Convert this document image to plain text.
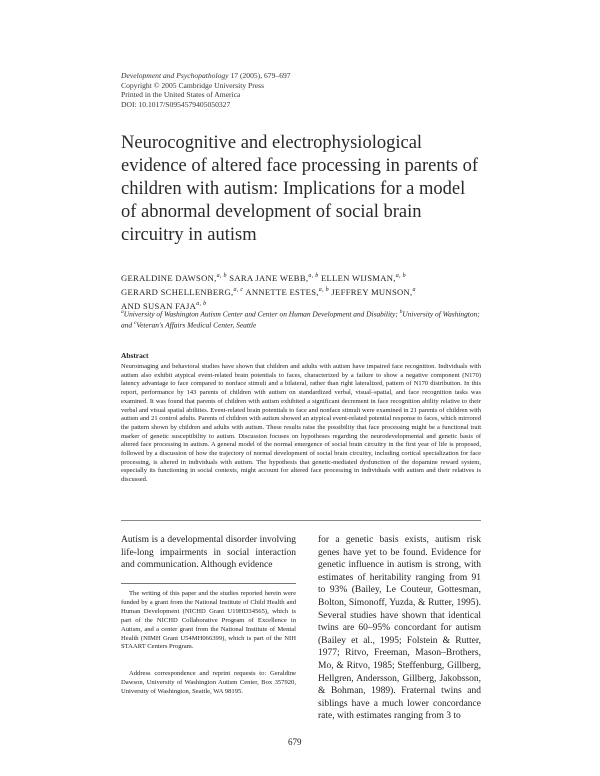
Development and Psychopathology 17 (2005), 679–697
Copyright © 2005 Cambridge University Press
Printed in the United States of America
DOI: 10.1017/S0954579405050327
Neurocognitive and electrophysiological evidence of altered face processing in parents of children with autism: Implications for a model of abnormal development of social brain circuitry in autism
GERALDINE DAWSON,$^{a, b}$ SARA JANE WEBB,$^{a, b}$ ELLEN WIJSMAN,$^{a, b}$
GERARD SCHELLENBERG,$^{a, c}$ ANNETTE ESTES,$^{a, b}$ JEFFREY MUNSON,$^a$
AND SUSAN FAJA$^{a, b}$
$^a$University of Washington Autism Center and Center on Human Development and Disability; $^b$University of Washington; and $^c$Veteran's Affairs Medical Center, Seattle
Abstract
Neuroimaging and behavioral studies have shown that children and adults with autism have impaired face recognition. Individuals with autism also exhibit atypical event-related brain potentials to faces, characterized by a failure to show a negative component (N170) latency advantage to face compared to nonface stimuli and a bilateral, rather than right lateralized, pattern of N170 distribution. In this report, performance by 143 parents of children with autism on standardized verbal, visual–spatial, and face recognition tasks was examined. It was found that parents of children with autism exhibited a significant decrement in face recognition ability relative to their verbal and visual spatial abilities. Event-related brain potentials to face and nonface stimuli were examined in 21 parents of children with autism and 21 control adults. Parents of children with autism showed an atypical event-related potential response to faces, which mirrored the pattern shown by children and adults with autism. These results raise the possibility that face processing might be a functional trait marker of genetic susceptibility to autism. Discussion focuses on hypotheses regarding the neurodevelopmental and genetic basis of altered face processing in autism. A general model of the normal emergence of social brain circuitry in the first year of life is proposed, followed by a discussion of how the trajectory of normal development of social brain circuitry, including cortical specialization for face processing, is altered in individuals with autism. The hypothesis that genetic-mediated dysfunction of the dopamine reward system, especially its functioning in social contexts, might account for altered face processing in individuals with autism and their relatives is discussed.

Autism is a developmental disorder involving life-long impairments in social interaction and communication. Although evidence

The writing of this paper and the studies reported herein were funded by a grant from the National Institute of Child Health and Human Development (NICHD Grant U19HD34565), which is part of the NICHD Collaborative Program of Excellence in Autism, and a center grant from the National Institute of Mental Health (NIMH Grant U54MH066399), which is part of the NIH STAART Centers Program.
Address correspondence and reprint requests to: Geraldine Dawson, University of Washington Autism Center, Box 357920, University of Washington, Seattle, WA 98195.

for a genetic basis exists, autism risk genes have yet to be found. Evidence for genetic influence in autism is strong, with estimates of heritability ranging from 91 to 93% (Bailey, Le Couteur, Gottesman, Bolton, Simonoff, Yuzda, & Rutter, 1995). Several studies have shown that identical twins are 60–95% concordant for autism (Bailey et al., 1995; Folstein & Rutter, 1977; Ritvo, Freeman, Mason–Brothers, Mo, & Ritvo, 1985; Steffenburg, Gillberg, Hellgren, Andersson, Gillberg, Jakobsson, & Bohman, 1989). Fraternal twins and siblings have a much lower concordance rate, with estimates ranging from 3 to

679
